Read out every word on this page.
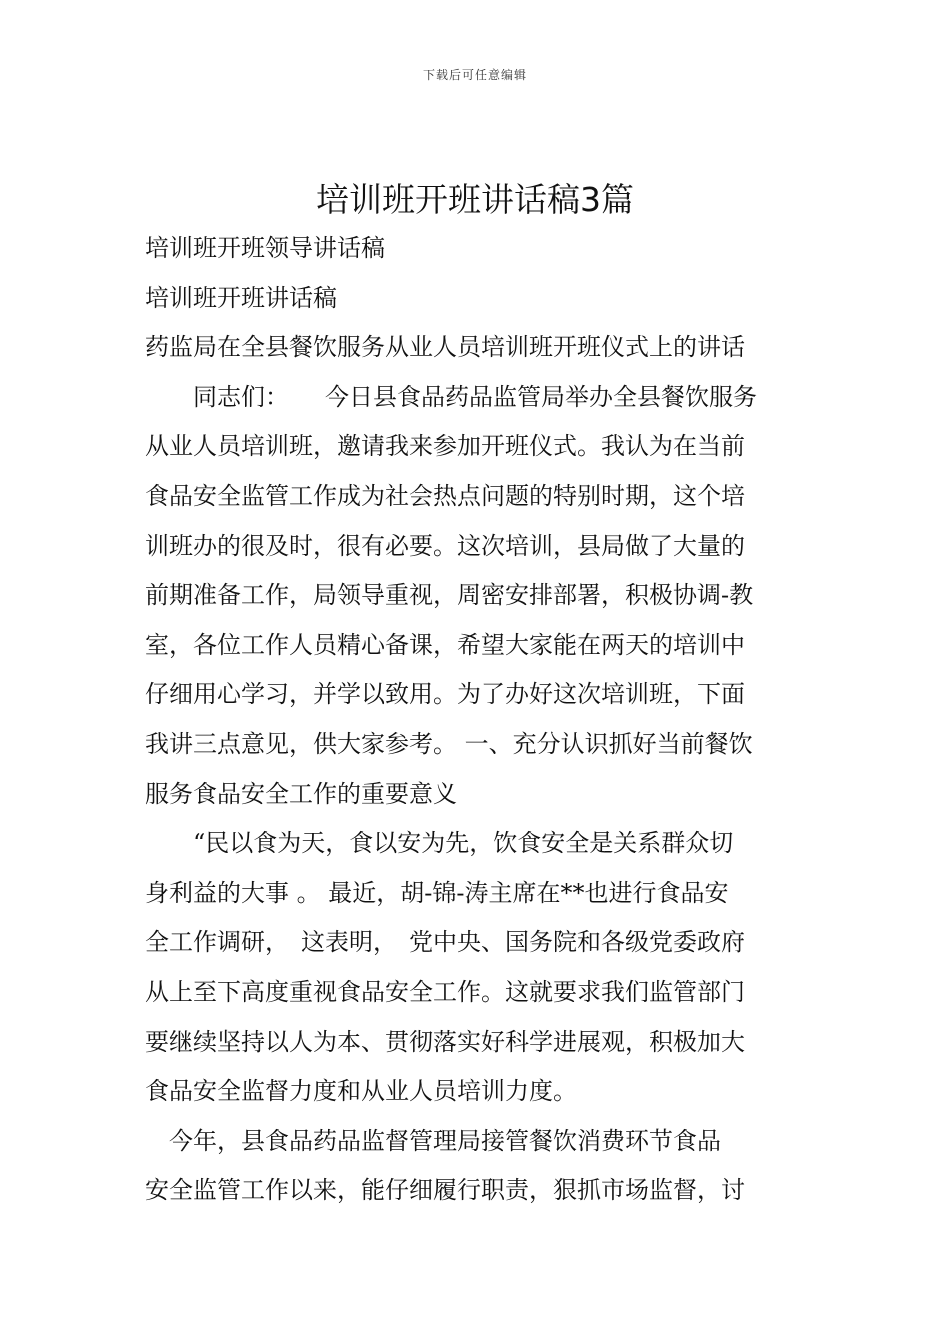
下载后可任意编辑
培训班开班讲话稿3篇
培训班开班领导讲话稿
培训班开班讲话稿
药监局在全县餐饮服务从业人员培训班开班仪式上的讲话
　　同志们：　　今日县食品药品监管局举办全县餐饮服务
从业人员培训班，邀请我来参加开班仪式。我认为在当前
食品安全监管工作成为社会热点问题的特别时期，这个培
训班办的很及时，很有必要。这次培训，县局做了大量的
前期准备工作，局领导重视，周密安排部署，积极协调-教
室，各位工作人员精心备课，希望大家能在两天的培训中
仔细用心学习，并学以致用。为了办好这次培训班，下面
我讲三点意见，供大家参考。 一、充分认识抓好当前餐饮
服务食品安全工作的重要意义
　　“民以食为天，食以安为先，饮食安全是关系群众切
身利益的大事 。 最近，胡-锦-涛主席在**也进行食品安
全工作调研，　这表明，　党中央、国务院和各级党委政府
从上至下高度重视食品安全工作。这就要求我们监管部门
要继续坚持以人为本、贯彻落实好科学进展观，积极加大
食品安全监督力度和从业人员培训力度。
　今年，县食品药品监督管理局接管餐饮消费环节食品
安全监管工作以来，能仔细履行职责，狠抓市场监督，讨
